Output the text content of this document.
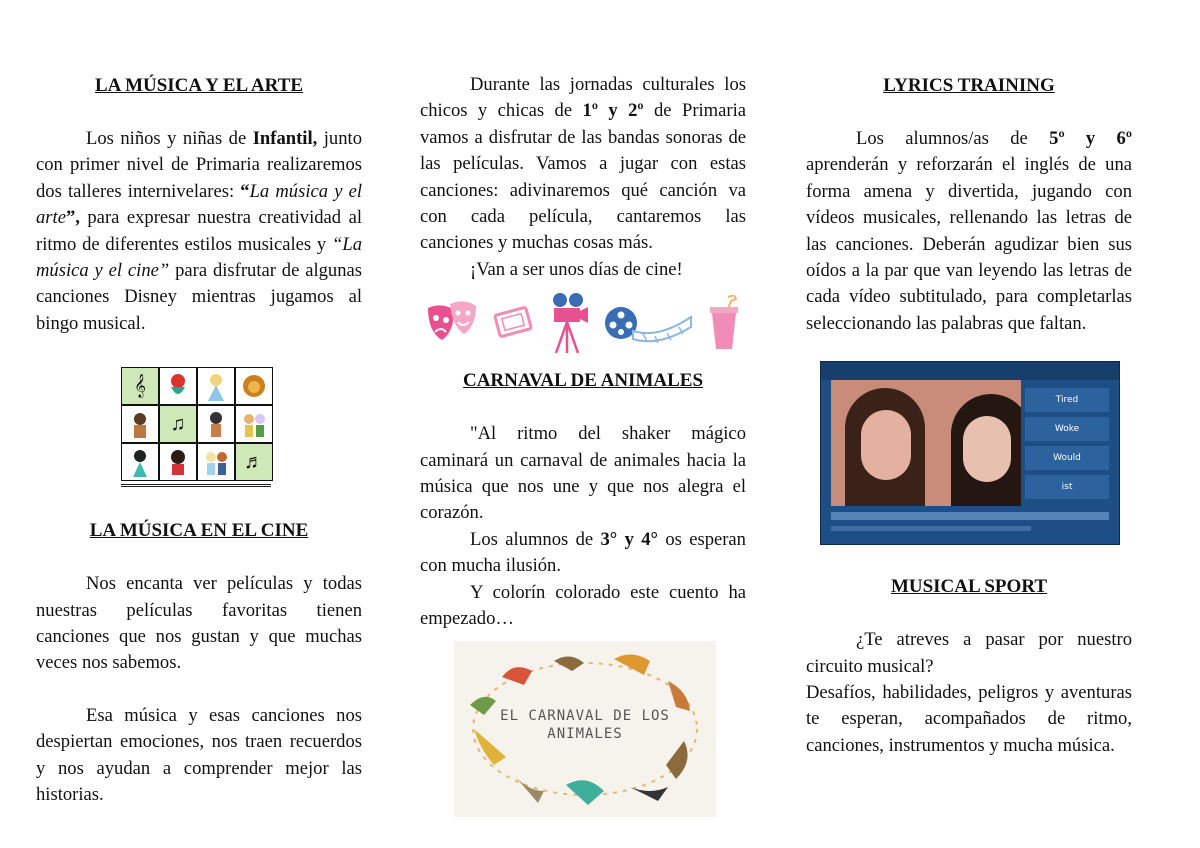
LA MÚSICA Y EL ARTE

Los niños y niñas de Infantil, junto con primer nivel de Primaria realizaremos dos talleres internivelares: “La música y el arte”, para expresar nuestra creatividad al ritmo de diferentes estilos musicales y “La música y el cine” para disfrutar de algunas canciones Disney mientras jugamos al bingo musical.

𝄞
♫
♬
LA MÚSICA EN EL CINE

Nos encanta ver películas y todas nuestras películas favoritas tienen canciones que nos gustan y que muchas veces nos sabemos.

Esa música y esas canciones nos despiertan emociones, nos traen recuerdos y nos ayudan a comprender mejor las historias.

Durante las jornadas culturales los chicos y chicas de 1º y 2º de Primaria vamos a disfrutar de las bandas sonoras de las películas. Vamos a jugar con estas canciones: adivinaremos qué canción va con cada película, cantaremos las canciones y muchas cosas más.

¡Van a ser unos días de cine!

CARNAVAL DE ANIMALES

"Al ritmo del shaker mágico caminará un carnaval de animales hacia la música que nos une y que nos alegra el corazón.

Los alumnos de 3° y 4° os esperan con mucha ilusión.

Y colorín colorado este cuento ha empezado…

EL CARNAVAL DE LOS
ANIMALES
LYRICS TRAINING

Los alumnos/as de 5º y 6º aprenderán y reforzarán el inglés de una forma amena y divertida, jugando con vídeos musicales, rellenando las letras de las canciones. Deberán agudizar bien sus oídos a la par que van leyendo las letras de cada vídeo subtitulado, para completarlas seleccionando las palabras que faltan.

Tired
Woke
Would
ist
MUSICAL SPORT

¿Te atreves a pasar por nuestro circuito musical?

Desafíos, habilidades, peligros y aventuras te esperan, acompañados de ritmo, canciones, instrumentos y mucha música.
